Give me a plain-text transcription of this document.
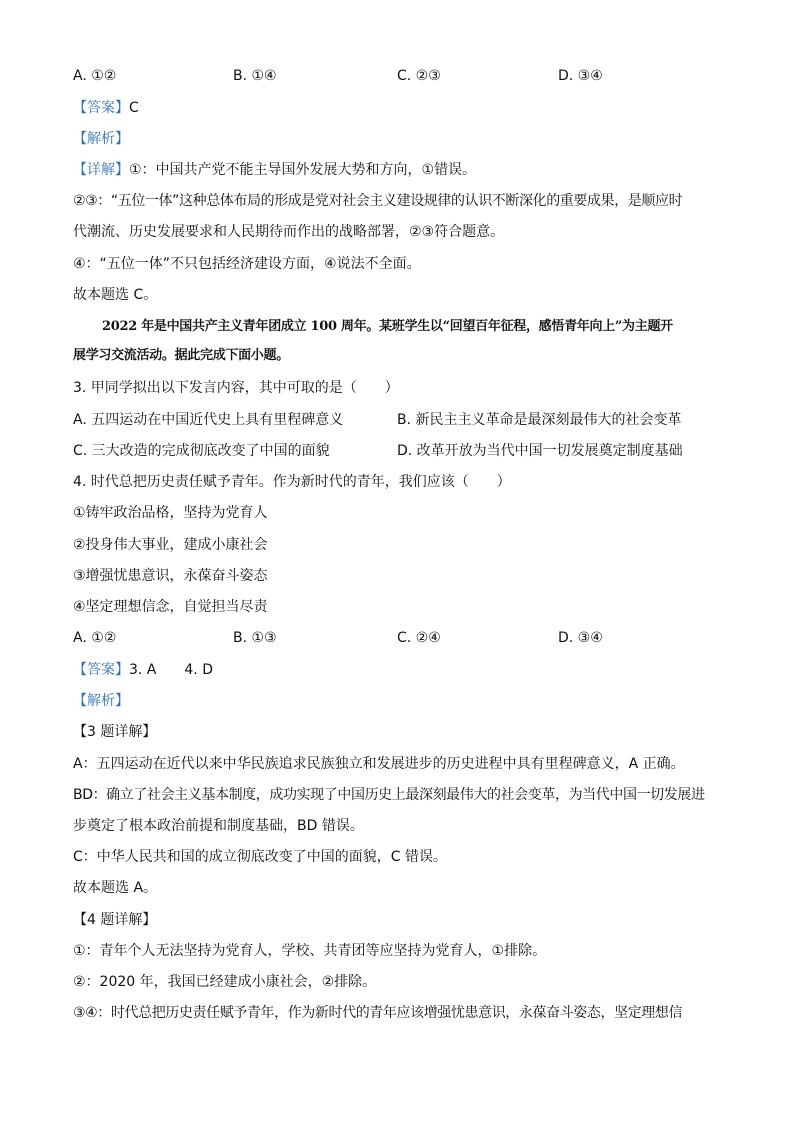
A. ①②	B. ①④	C. ②③	D. ③④
【答案】C
【解析】
【详解】①：中国共产党不能主导国外发展大势和方向，①错误。
②③：“五位一体”这种总体布局的形成是党对社会主义建设规律的认识不断深化的重要成果，是顺应时
代潮流、历史发展要求和人民期待而作出的战略部署，②③符合题意。
④：“五位一体”不只包括经济建设方面，④说法不全面。
故本题选 C。
2022 年是中国共产主义青年团成立 100 周年。某班学生以“回望百年征程，感悟青年向上”为主题开
展学习交流活动。据此完成下面小题。
3. 甲同学拟出以下发言内容，其中可取的是（　　）
A. 五四运动在中国近代史上具有里程碑意义	B. 新民主主义革命是最深刻最伟大的社会变革
C. 三大改造的完成彻底改变了中国的面貌	D. 改革开放为当代中国一切发展奠定制度基础
4. 时代总把历史责任赋予青年。作为新时代的青年，我们应该（　　）
①铸牢政治品格，坚持为党育人
②投身伟大事业，建成小康社会
③增强忧患意识，永葆奋斗姿态
④坚定理想信念，自觉担当尽责
A. ①②	B. ①③	C. ②④	D. ③④
【答案】3. A　　4. D
【解析】
【3 题详解】
A：五四运动在近代以来中华民族追求民族独立和发展进步的历史进程中具有里程碑意义，A 正确。
BD：确立了社会主义基本制度，成功实现了中国历史上最深刻最伟大的社会变革，为当代中国一切发展进
步奠定了根本政治前提和制度基础，BD 错误。
C：中华人民共和国的成立彻底改变了中国的面貌，C 错误。
故本题选 A。
【4 题详解】
①：青年个人无法坚持为党育人，学校、共青团等应坚持为党育人，①排除。
②：2020 年，我国已经建成小康社会，②排除。
③④：时代总把历史责任赋予青年，作为新时代的青年应该增强忧患意识，永葆奋斗姿态，坚定理想信
